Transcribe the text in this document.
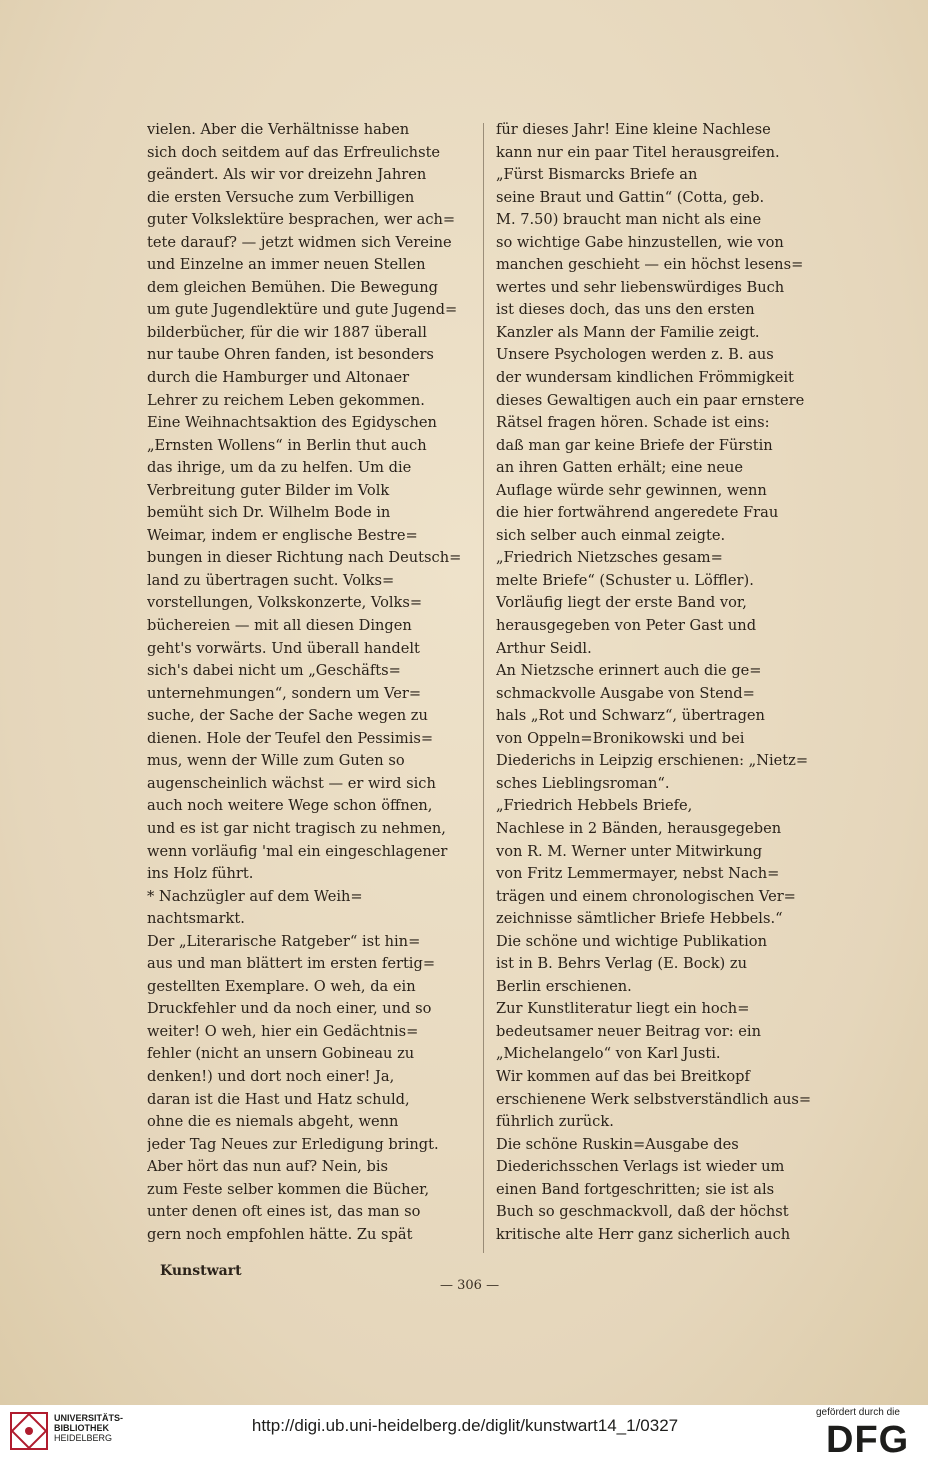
vielen. Aber die Verhältnisse haben
sich doch seitdem auf das Erfreulichste
geändert. Als wir vor dreizehn Jahren
die ersten Versuche zum Verbilligen
guter Volkslektüre besprachen, wer ach=
tete darauf? — jetzt widmen sich Vereine
und Einzelne an immer neuen Stellen
dem gleichen Bemühen. Die Bewegung
um gute Jugendlektüre und gute Jugend=
bilderbücher, für die wir 1887 überall
nur taube Ohren fanden, ist besonders
durch die Hamburger und Altonaer
Lehrer zu reichem Leben gekommen.
Eine Weihnachtsaktion des Egidyschen
„Ernsten Wollens“ in Berlin thut auch
das ihrige, um da zu helfen. Um die
Verbreitung guter Bilder im Volk
bemüht sich Dr. Wilhelm Bode in
Weimar, indem er englische Bestre=
bungen in dieser Richtung nach Deutsch=
land zu übertragen sucht. Volks=
vorstellungen, Volkskonzerte, Volks=
büchereien — mit all diesen Dingen
geht's vorwärts. Und überall handelt
sich's dabei nicht um „Geschäfts=
unternehmungen“, sondern um Ver=
suche, der Sache der Sache wegen zu
dienen. Hole der Teufel den Pessimis=
mus, wenn der Wille zum Guten so
augenscheinlich wächst — er wird sich
auch noch weitere Wege schon öffnen,
und es ist gar nicht tragisch zu nehmen,
wenn vorläufig 'mal ein eingeschlagener
ins Holz führt.
* Nachzügler auf dem Weih=
nachtsmarkt.
Der „Literarische Ratgeber“ ist hin=
aus und man blättert im ersten fertig=
gestellten Exemplare. O weh, da ein
Druckfehler und da noch einer, und so
weiter! O weh, hier ein Gedächtnis=
fehler (nicht an unsern Gobineau zu
denken!) und dort noch einer! Ja,
daran ist die Hast und Hatz schuld,
ohne die es niemals abgeht, wenn
jeder Tag Neues zur Erledigung bringt.
Aber hört das nun auf? Nein, bis
zum Feste selber kommen die Bücher,
unter denen oft eines ist, das man so
gern noch empfohlen hätte. Zu spät
für dieses Jahr! Eine kleine Nachlese
kann nur ein paar Titel herausgreifen.
„Fürst Bismarcks Briefe an
seine Braut und Gattin“ (Cotta, geb.
M. 7.50) braucht man nicht als eine
so wichtige Gabe hinzustellen, wie von
manchen geschieht — ein höchst lesens=
wertes und sehr liebenswürdiges Buch
ist dieses doch, das uns den ersten
Kanzler als Mann der Familie zeigt.
Unsere Psychologen werden z. B. aus
der wundersam kindlichen Frömmigkeit
dieses Gewaltigen auch ein paar ernstere
Rätsel fragen hören. Schade ist eins:
daß man gar keine Briefe der Fürstin
an ihren Gatten erhält; eine neue
Auflage würde sehr gewinnen, wenn
die hier fortwährend angeredete Frau
sich selber auch einmal zeigte.
„Friedrich Nietzsches gesam=
melte Briefe“ (Schuster u. Löffler).
Vorläufig liegt der erste Band vor,
herausgegeben von Peter Gast und
Arthur Seidl.
An Nietzsche erinnert auch die ge=
schmackvolle Ausgabe von Stend=
hals „Rot und Schwarz“, übertragen
von Oppeln=Bronikowski und bei
Diederichs in Leipzig erschienen: „Nietz=
sches Lieblingsroman“.
„Friedrich Hebbels Briefe,
Nachlese in 2 Bänden, herausgegeben
von R. M. Werner unter Mitwirkung
von Fritz Lemmermayer, nebst Nach=
trägen und einem chronologischen Ver=
zeichnisse sämtlicher Briefe Hebbels.“
Die schöne und wichtige Publikation
ist in B. Behrs Verlag (E. Bock) zu
Berlin erschienen.
Zur Kunstliteratur liegt ein hoch=
bedeutsamer neuer Beitrag vor: ein
„Michelangelo“ von Karl Justi.
Wir kommen auf das bei Breitkopf
erschienene Werk selbstverständlich aus=
führlich zurück.
Die schöne Ruskin=Ausgabe des
Diederichsschen Verlags ist wieder um
einen Band fortgeschritten; sie ist als
Buch so geschmackvoll, daß der höchst
kritische alte Herr ganz sicherlich auch
Kunstwart
— 306 —
UNIVERSITÄTS-
BIBLIOTHEK
HEIDELBERG
http://digi.ub.uni-heidelberg.de/diglit/kunstwart14_1/0327
gefördert durch die
DFG
